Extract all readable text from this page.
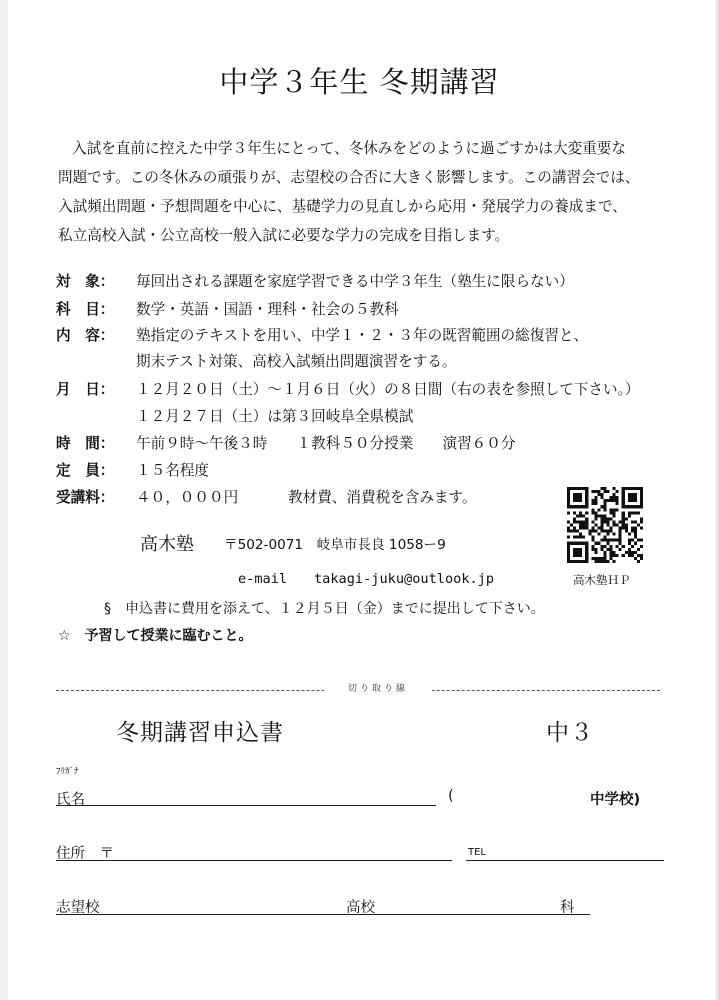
中学３年生 冬期講習

入試を直前に控えた中学３年生にとって、冬休みをどのように過ごすかは大変重要な

問題です。この冬休みの頑張りが、志望校の合否に大きく影響します。この講習会では、

入試頻出問題・予想問題を中心に、基礎学力の見直しから応用・発展学力の養成まで、

私立高校入試・公立高校一般入試に必要な学力の完成を目指します。

対　象：	毎回出される課題を家庭学習できる中学３年生（塾生に限らない）
科　目：	数学・英語・国語・理科・社会の５教科
内　容：	塾指定のテキストを用い、中学１・２・３年の既習範囲の総復習と、
期末テスト対策、高校入試頻出問題演習をする。
月　日：	１２月２０日（土）～１月６日（火）の８日間（右の表を参照して下さい。）
１２月２７日（土）は第３回岐阜全県模試
時　間：	午前９時～午後３時　　１教科５０分授業　　演習６０分
定　員：	１５名程度
受講料：	４０，０００円	教材費、消費税を含みます。
高木塾 〒502-0071　岐阜市長良 1058ー9
e-mail takagi-juku@outlook.jp	高木塾ＨＰ
§　申込書に費用を添えて、１２月５日（金）までに提出して下さい。
☆　予習して授業に臨むこと。
切り取り線
冬期講習申込書	中３
ﾌﾘｶﾞﾅ
氏名	(	中学校)
住所　〒	TEL
志望校	高校	科
